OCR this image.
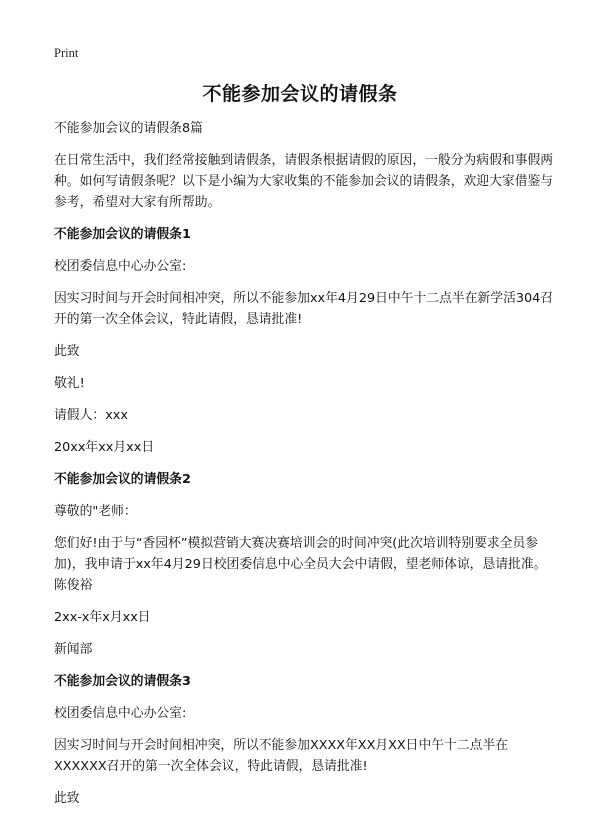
Print
不能参加会议的请假条

不能参加会议的请假条8篇

在日常生活中，我们经常接触到请假条，请假条根据请假的原因，一般分为病假和事假两种。如何写请假条呢？以下是小编为大家收集的不能参加会议的请假条，欢迎大家借鉴与参考，希望对大家有所帮助。

不能参加会议的请假条1

校团委信息中心办公室:

因实习时间与开会时间相冲突，所以不能参加xx年4月29日中午十二点半在新学活304召开的第一次全体会议，特此请假，恳请批准!

此致

敬礼!

请假人：xxx

20xx年xx月xx日

不能参加会议的请假条2

尊敬的"老师：

您们好!由于与“香园杯”模拟营销大赛决赛培训会的时间冲突(此次培训特别要求全员参加)，我申请于xx年4月29日校团委信息中心全员大会中请假，望老师体谅，恳请批准。 陈俊裕

2xx-x年x月xx日

新闻部

不能参加会议的请假条3

校团委信息中心办公室:

因实习时间与开会时间相冲突，所以不能参加XXXX年XX月XX日中午十二点半在XXXXXX召开的第一次全体会议，特此请假，恳请批准!

此致
